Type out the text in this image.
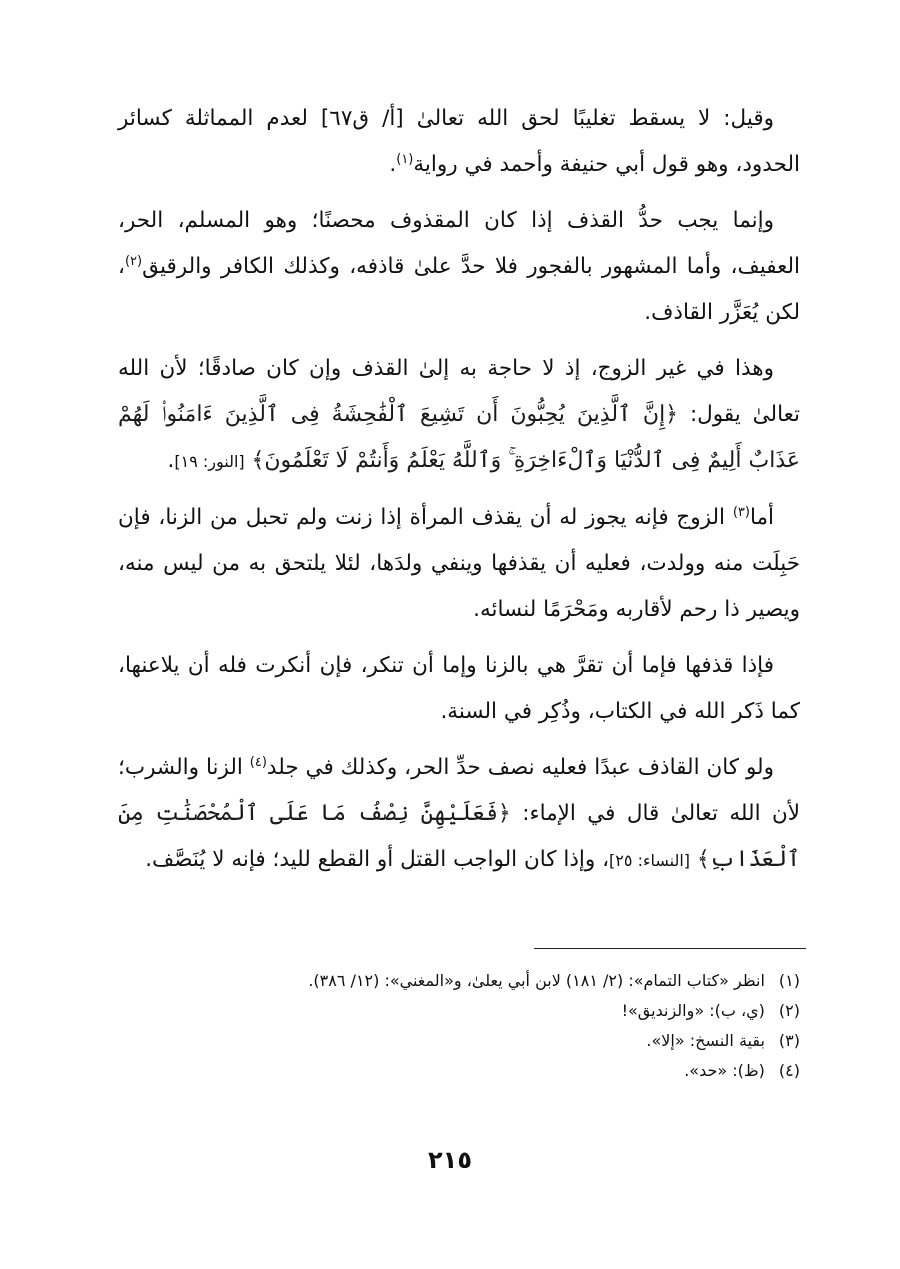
وقيل: لا يسقط تغليبًا لحق الله تعالىٰ [أ/ ق٦٧] لعدم المماثلة كسائر الحدود، وهو قول أبي حنيفة وأحمد في رواية$^{(١)}$.

وإنما يجب حدُّ القذف إذا كان المقذوف محصنًا؛ وهو المسلم، الحر، العفيف، وأما المشهور بالفجور فلا حدَّ علىٰ قاذفه، وكذلك الكافر والرقيق$^{(٢)}$، لكن يُعَزَّر القاذف.

وهذا في غير الزوج، إذ لا حاجة به إلىٰ القذف وإن كان صادقًا؛ لأن الله تعالىٰ يقول: ﴿إِنَّ ٱلَّذِينَ يُحِبُّونَ أَن تَشِيعَ ٱلْفَٰحِشَةُ فِى ٱلَّذِينَ ءَامَنُوا۟ لَهُمْ عَذَابٌ أَلِيمٌ فِى ٱلدُّنْيَا وَٱلْءَاخِرَةِ ۚ وَٱللَّهُ يَعْلَمُ وَأَنتُمْ لَا تَعْلَمُونَ﴾ [النور: ١٩].

أما$^{(٣)}$ الزوج فإنه يجوز له أن يقذف المرأة إذا زنت ولم تحبل من الزنا، فإن حَبِلَت منه وولدت، فعليه أن يقذفها وينفي ولدَها، لئلا يلتحق به من ليس منه، ويصير ذا رحم لأقاربه ومَحْرَمًا لنسائه.

فإذا قذفها فإما أن تقرَّ هي بالزنا وإما أن تنكر، فإن أنكرت فله أن يلاعنها، كما ذَكر الله في الكتاب، وذُكِر في السنة.

ولو كان القاذف عبدًا فعليه نصف حدِّ الحر، وكذلك في جلد$^{(٤)}$ الزنا والشرب؛ لأن الله تعالىٰ قال في الإماء: ﴿فَعَلَيْهِنَّ نِصْفُ مَا عَلَى ٱلْمُحْصَنَٰتِ مِنَ ٱلْعَذَابِ﴾ [النساء: ٢٥]، وإذا كان الواجب القتل أو القطع لليد؛ فإنه لا يُنَصَّف.

(١) انظر «كتاب التمام»: (٢/ ١٨١) لابن أبي يعلىٰ، و«المغني»: (١٢/ ٣٨٦).
(٢) (ي، ب): «والزنديق»!
(٣) بقية النسخ: «إلا».
(٤) (ظ): «حد».
٢١٥
